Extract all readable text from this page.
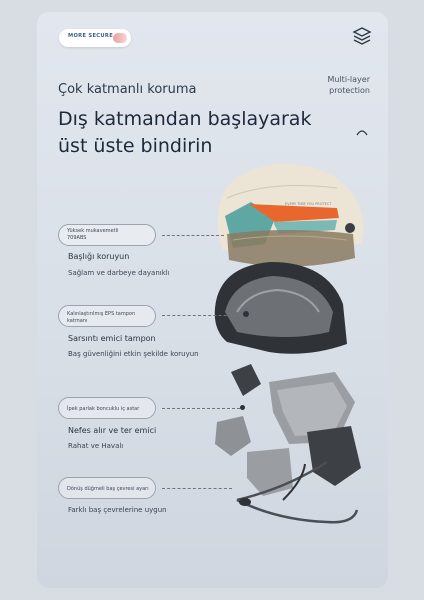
MORE SECURE
Çok katmanlı koruma
Multi-layer
protection
Dış katmandan başlayarak
üst üste bindirin
EVERY TIME YOU PROTECT
Yüksek mukavemetli
709ABS
Başlığı koruyun
Sağlam ve darbeye dayanıklı
Kalınlaştırılmış EPS tampon
katmanı
Sarsıntı emici tampon
Baş güvenliğini etkin şekilde koruyun
İpek parlak boncuklu iç astar
Nefes alır ve ter emici
Rahat ve Havalı
Dönüş düğmeli baş çevresi ayarı
Farklı baş çevrelerine uygun
